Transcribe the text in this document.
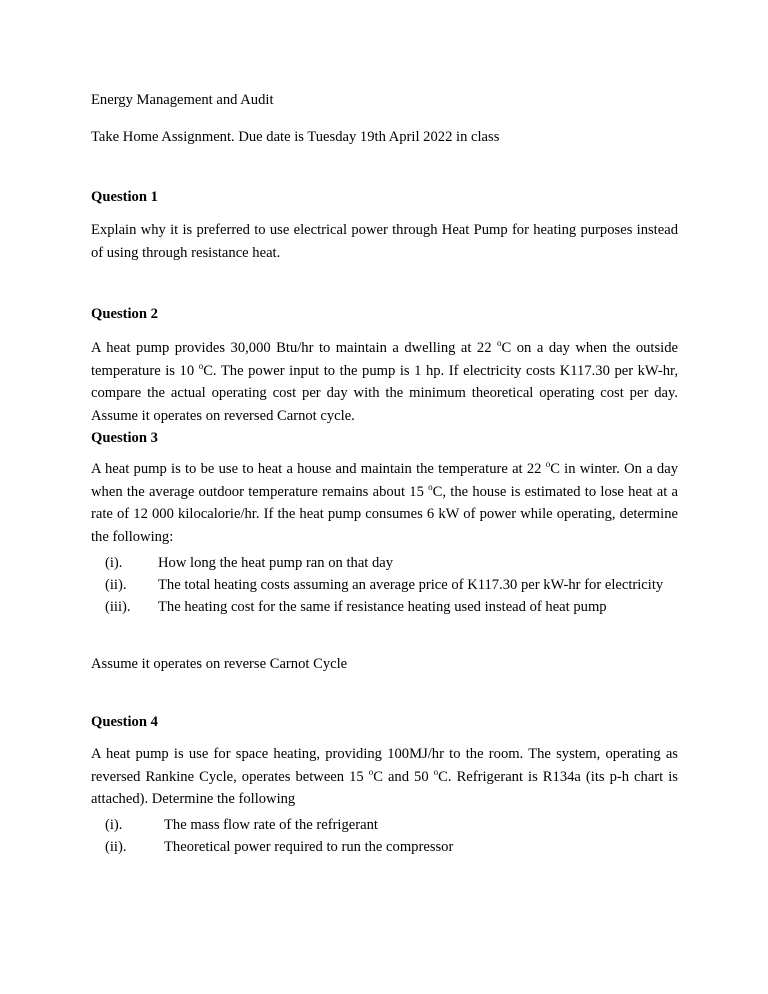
Energy Management and Audit
Take Home Assignment. Due date is Tuesday 19th April 2022 in class
Question 1
Explain why it is preferred to use electrical power through Heat Pump for heating purposes instead of using through resistance heat.
Question 2
A heat pump provides 30,000 Btu/hr to maintain a dwelling at 22 $^o$C on a day when the outside temperature is 10 $^o$C. The power input to the pump is 1 hp. If electricity costs K117.30 per kW-hr, compare the actual operating cost per day with the minimum theoretical operating cost per day. Assume it operates on reversed Carnot cycle.
Question 3
A heat pump is to be use to heat a house and maintain the temperature at 22 $^o$C in winter. On a day when the average outdoor temperature remains about 15 $^o$C, the house is estimated to lose heat at a rate of 12 000 kilocalorie/hr. If the heat pump consumes 6 kW of power while operating, determine the following:
(i). How long the heat pump ran on that day
(ii). The total heating costs assuming an average price of K117.30 per kW-hr for electricity
(iii). The heating cost for the same if resistance heating used instead of heat pump
Assume it operates on reverse Carnot Cycle
Question 4
A heat pump is use for space heating, providing 100MJ/hr to the room. The system, operating as reversed Rankine Cycle, operates between 15 $^o$C and 50 $^o$C. Refrigerant is R134a (its p-h chart is attached). Determine the following
(i).	The mass flow rate of the refrigerant
(ii).	Theoretical power required to run the compressor
